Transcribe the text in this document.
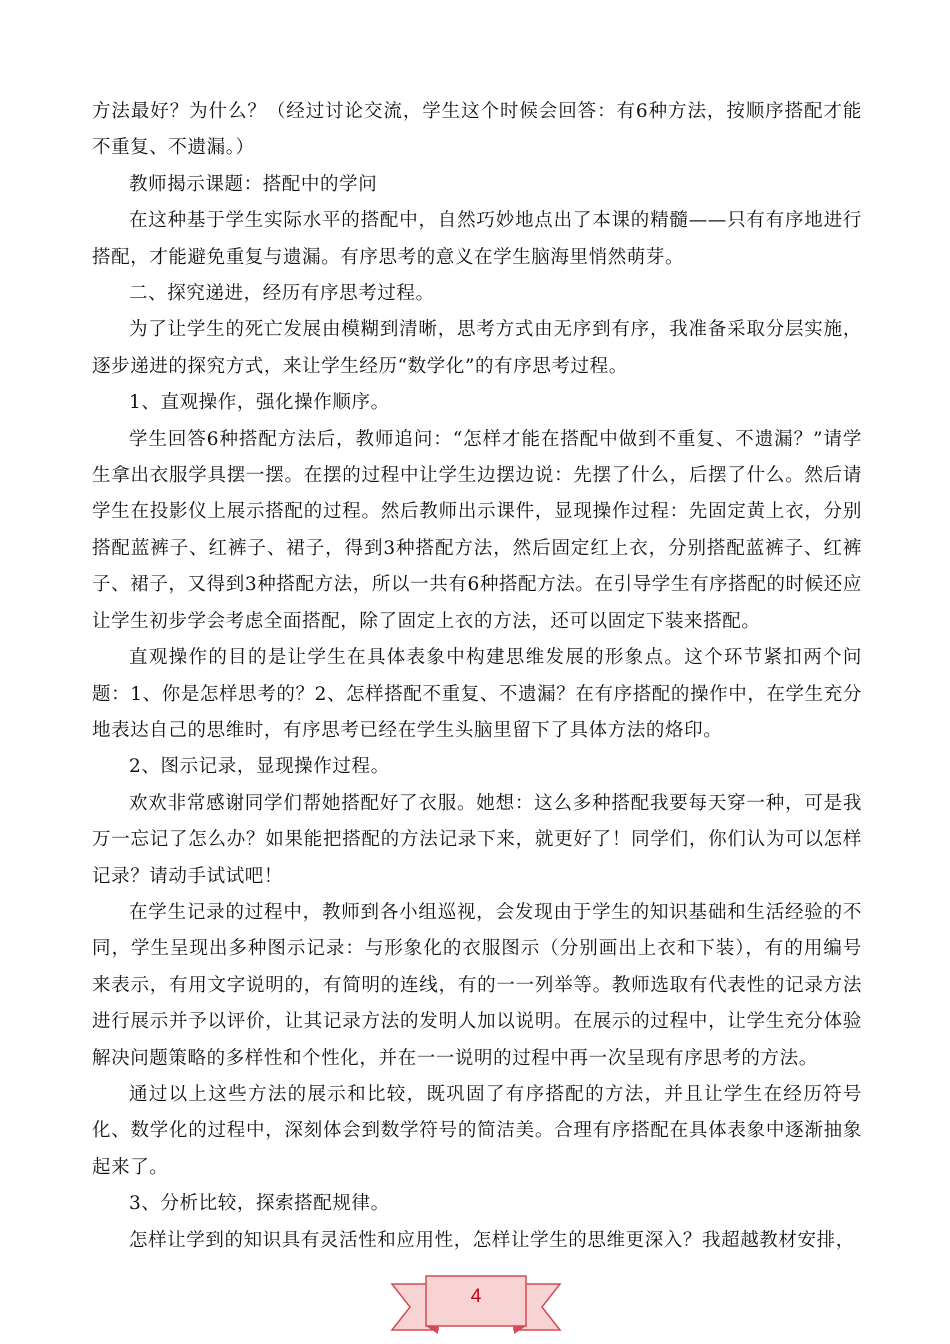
方法最好？为什么？（经过讨论交流，学生这个时候会回答：有6种方法，按顺序搭配才能不重复、不遗漏。）

教师揭示课题：搭配中的学问

在这种基于学生实际水平的搭配中，自然巧妙地点出了本课的精髓——只有有序地进行搭配，才能避免重复与遗漏。有序思考的意义在学生脑海里悄然萌芽。

二、探究递进，经历有序思考过程。

为了让学生的死亡发展由模糊到清晰，思考方式由无序到有序，我准备采取分层实施，逐步递进的探究方式，来让学生经历“数学化”的有序思考过程。

1、直观操作，强化操作顺序。

学生回答6种搭配方法后，教师追问：“怎样才能在搭配中做到不重复、不遗漏？”请学生拿出衣服学具摆一摆。在摆的过程中让学生边摆边说：先摆了什么，后摆了什么。然后请学生在投影仪上展示搭配的过程。然后教师出示课件，显现操作过程：先固定黄上衣，分别搭配蓝裤子、红裤子、裙子，得到3种搭配方法，然后固定红上衣，分别搭配蓝裤子、红裤子、裙子，又得到3种搭配方法，所以一共有6种搭配方法。在引导学生有序搭配的时候还应让学生初步学会考虑全面搭配，除了固定上衣的方法，还可以固定下装来搭配。

直观操作的目的是让学生在具体表象中构建思维发展的形象点。这个环节紧扣两个问题：1、你是怎样思考的？2、怎样搭配不重复、不遗漏？在有序搭配的操作中，在学生充分地表达自己的思维时，有序思考已经在学生头脑里留下了具体方法的烙印。

2、图示记录，显现操作过程。

欢欢非常感谢同学们帮她搭配好了衣服。她想：这么多种搭配我要每天穿一种，可是我万一忘记了怎么办？如果能把搭配的方法记录下来，就更好了！同学们，你们认为可以怎样记录？请动手试试吧！

在学生记录的过程中，教师到各小组巡视，会发现由于学生的知识基础和生活经验的不同，学生呈现出多种图示记录：与形象化的衣服图示（分别画出上衣和下装），有的用编号来表示，有用文字说明的，有简明的连线，有的一一列举等。教师选取有代表性的记录方法进行展示并予以评价，让其记录方法的发明人加以说明。在展示的过程中，让学生充分体验解决问题策略的多样性和个性化，并在一一说明的过程中再一次呈现有序思考的方法。

通过以上这些方法的展示和比较，既巩固了有序搭配的方法，并且让学生在经历符号化、数学化的过程中，深刻体会到数学符号的简洁美。合理有序搭配在具体表象中逐渐抽象起来了。

3、分析比较，探索搭配规律。

怎样让学到的知识具有灵活性和应用性，怎样让学生的思维更深入？我超越教材安排，

4
